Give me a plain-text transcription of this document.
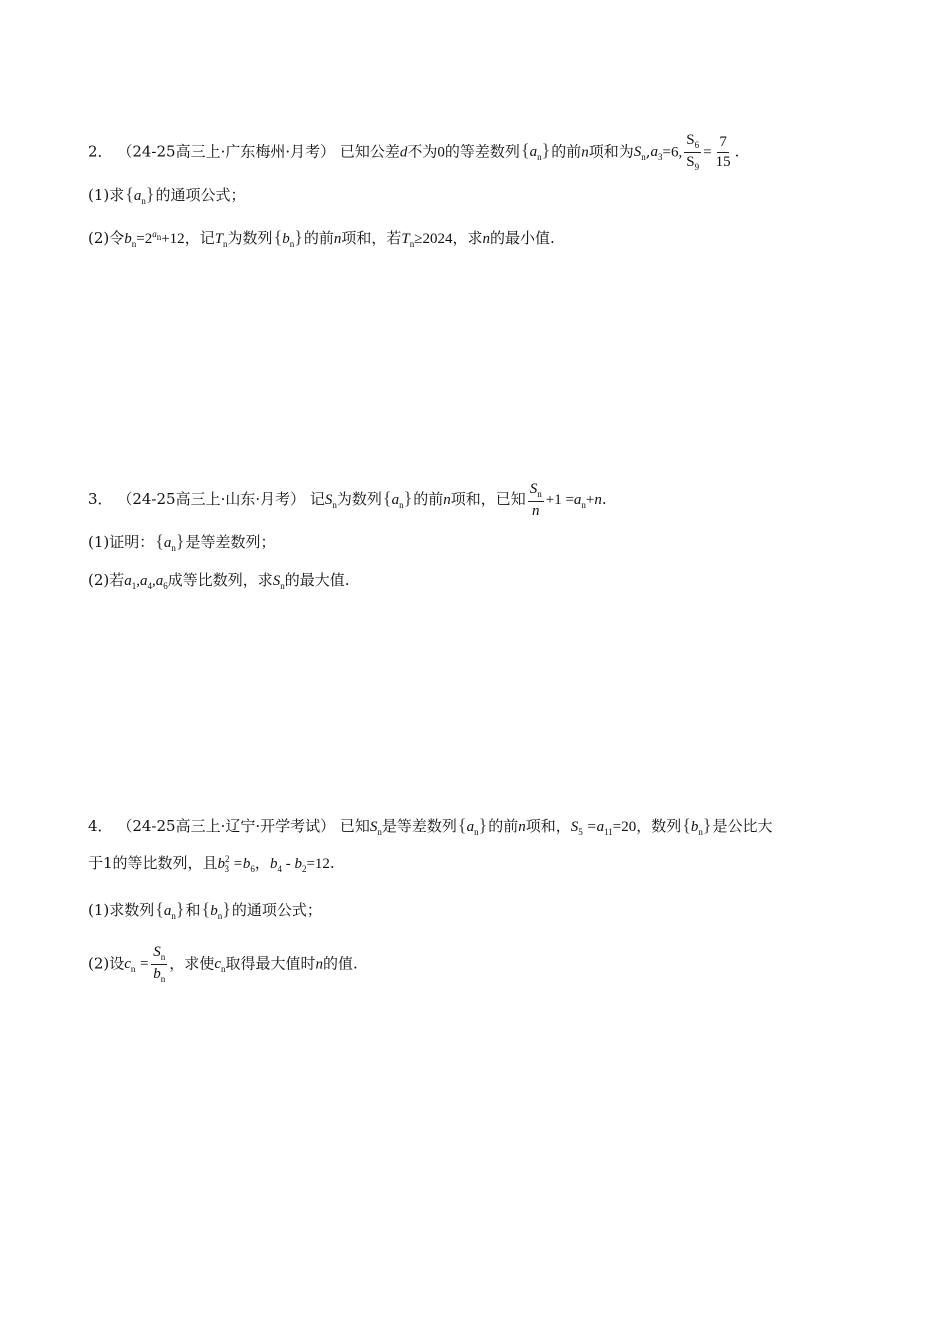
2． （24-25高三上·广东梅州·月考） 已知公差d不为0的等差数列$\{a_n\}$的前n项和为$S_n,a_3=6$, $\frac{S_6}{S_9} = \frac{7}{15}$ .
(1)求$\{a_n\}$的通项公式；
(2)令$b_n=2^{a_n}+12$，记$T_n$为数列$\{b_n\}$的前n项和，若$T_n\ge 2024$，求n的最小值.
3． （24-25高三上·山东·月考） 记$S_n$为数列$\{a_n\}$的前n项和，已知 $\frac{S_n}{n} +1 =a_n+n$.
(1)证明：$\{a_n\}$是等差数列；
(2)若$a_1,a_4,a_6$成等比数列，求$S_n$的最大值.
4． （24-25高三上·辽宁·开学考试） 已知$S_n$是等差数列$\{a_n\}$的前n项和，$S_5 =a_{11}=20$，数列$\{b_n\}$是公比大
于1的等比数列，且$b^2_3 =b_6$，$b_4 - b_2=12$.
(1)求数列$\{a_n\}$和$\{b_n\}$的通项公式；
(2)设$c_n = \frac{S_n}{b_n}$ ，求使$c_n$取得最大值时n的值.
